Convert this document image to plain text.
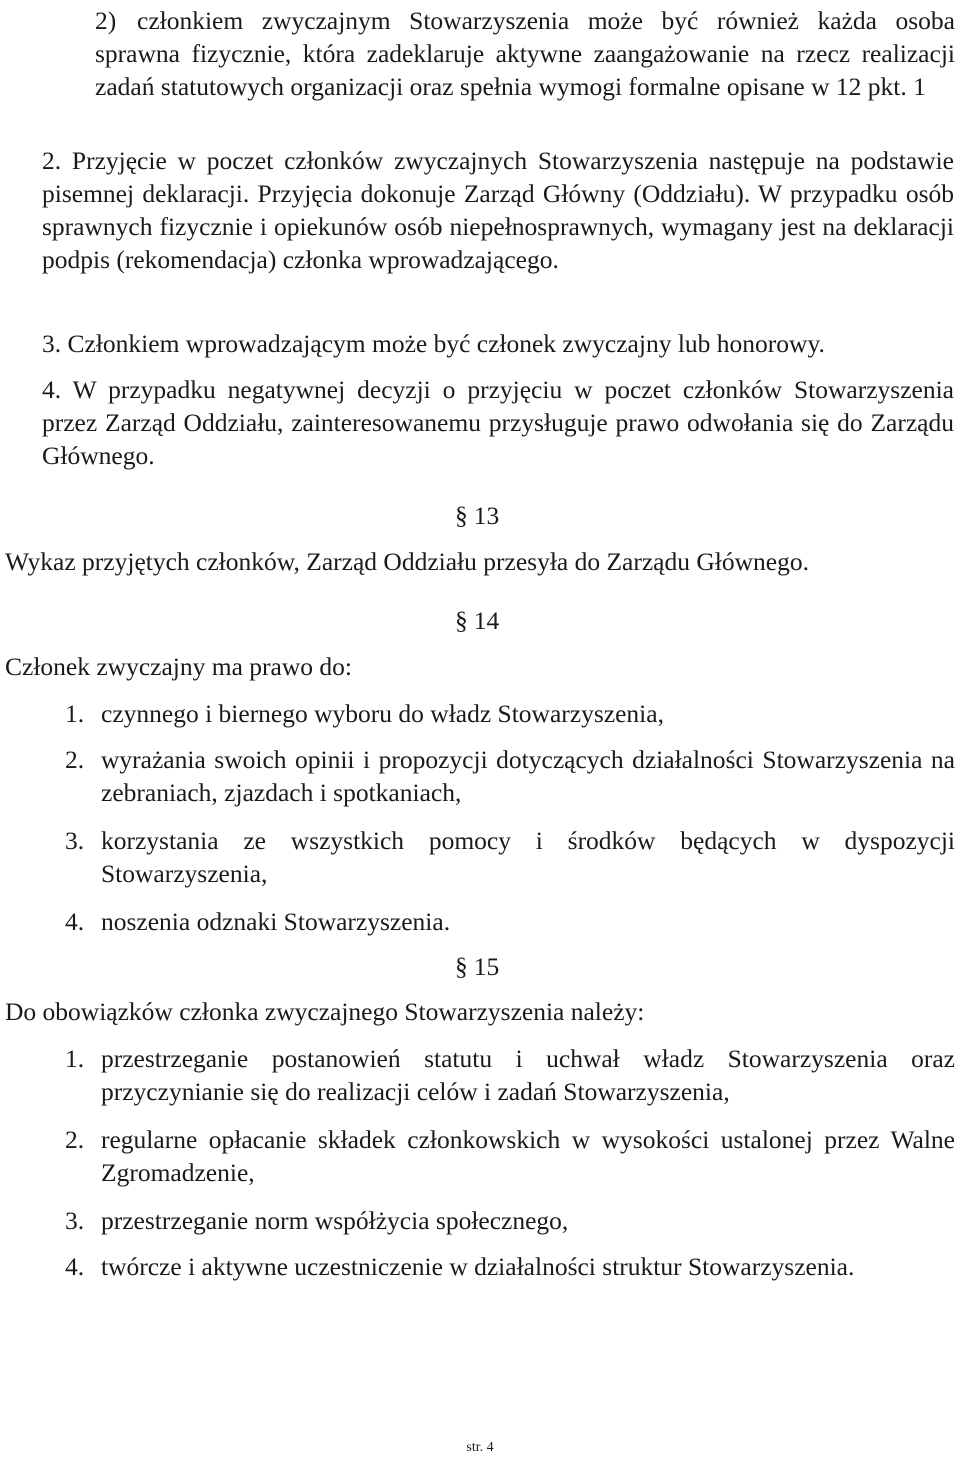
2) członkiem zwyczajnym Stowarzyszenia może być również każda osoba sprawna fizycznie, która zadeklaruje aktywne zaangażowanie na rzecz realizacji zadań statutowych organizacji oraz spełnia wymogi formalne opisane w 12 pkt. 1

2. Przyjęcie w poczet członków zwyczajnych Stowarzyszenia następuje na podstawie pisemnej deklaracji. Przyjęcia dokonuje Zarząd Główny (Oddziału). W przypadku osób sprawnych fizycznie i opiekunów osób niepełnosprawnych, wymagany jest na deklaracji podpis (rekomendacja) członka wprowadzającego.

3. Członkiem wprowadzającym może być członek zwyczajny lub honorowy.

4. W przypadku negatywnej decyzji o przyjęciu w poczet członków Stowarzyszenia przez Zarząd Oddziału, zainteresowanemu przysługuje prawo odwołania się do Zarządu Głównego.

§ 13
Wykaz przyjętych członków, Zarząd Oddziału przesyła do Zarządu Głównego.
§ 14
Członek zwyczajny ma prawo do:
1. czynnego i biernego wyboru do władz Stowarzyszenia,
2. wyrażania swoich opinii i propozycji dotyczących działalności Stowarzyszenia na zebraniach, zjazdach i spotkaniach,
3. korzystania ze wszystkich pomocy i środków będących w dyspozycji Stowarzyszenia,
4. noszenia odznaki Stowarzyszenia.
§ 15
Do obowiązków członka zwyczajnego Stowarzyszenia należy:
1. przestrzeganie postanowień statutu i uchwał władz Stowarzyszenia oraz przyczynianie się do realizacji celów i zadań Stowarzyszenia,
2. regularne opłacanie składek członkowskich w wysokości ustalonej przez Walne Zgromadzenie,
3. przestrzeganie norm współżycia społecznego,
4. twórcze i aktywne uczestniczenie w działalności struktur Stowarzyszenia.
str. 4
